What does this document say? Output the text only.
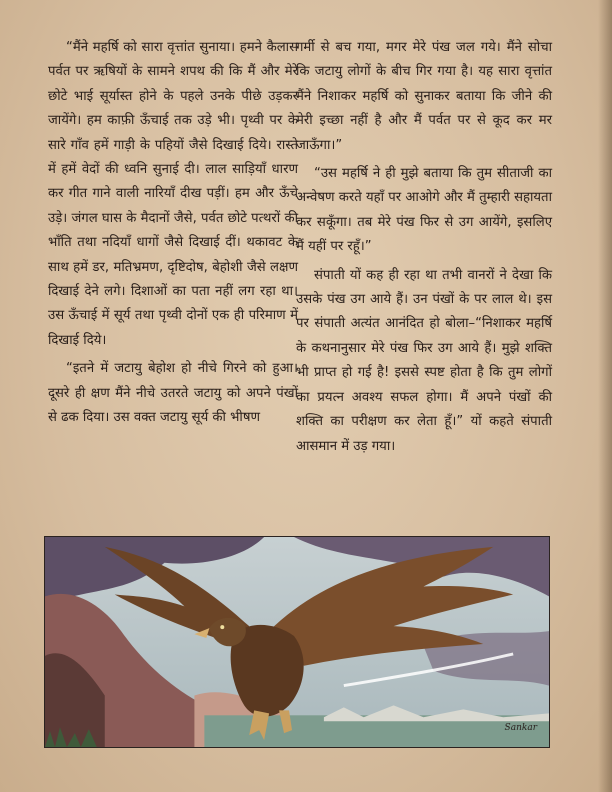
“मैंने महर्षि को सारा वृत्तांत सुनाया। हमने कैलास पर्वत पर ऋषियों के सामने शपथ की कि मैं और मेरे छोटे भाई सूर्यास्त होने के पहले उनके पीछे उड़कर जायेंगे। हम काफ़ी ऊँचाई तक उड़े भी। पृथ्वी पर के सारे गाँव हमें गाड़ी के पहियों जैसे दिखाई दिये। रास्ते में हमें वेदों की ध्वनि सुनाई दी। लाल साड़ियाँ धारण कर गीत गाने वाली नारियाँ दीख पड़ीं। हम और ऊँचे उड़े। जंगल घास के मैदानों जैसे, पर्वत छोटे पत्थरों की भाँति तथा नदियाँ धागों जैसे दिखाई दीं। थकावट के साथ हमें डर, मतिभ्रमण, दृष्टिदोष, बेहोशी जैसे लक्षण दिखाई देने लगे। दिशाओं का पता नहीं लग रहा था। उस ऊँचाई में सूर्य तथा पृथ्वी दोनों एक ही परिमाण में दिखाई दिये।

“इतने में जटायु बेहोश हो नीचे गिरने को हुआ। दूसरे ही क्षण मैंने नीचे उतरते जटायु को अपने पंखों से ढक दिया। उस वक्त जटायु सूर्य की भीषण

गर्मी से बच गया, मगर मेरे पंख जल गये। मैंने सोचा कि जटायु लोगों के बीच गिर गया है। यह सारा वृत्तांत मैंने निशाकर महर्षि को सुनाकर बताया कि जीने की मेरी इच्छा नहीं है और मैं पर्वत पर से कूद कर मर जाऊँगा।”

“उस महर्षि ने ही मुझे बताया कि तुम सीताजी का अन्वेषण करते यहाँ पर आओगे और मैं तुम्हारी सहायता कर सकूँगा। तब मेरे पंख फिर से उग आयेंगे, इसलिए मैं यहीं पर रहूँ।”

संपाती यों कह ही रहा था तभी वानरों ने देखा कि उसके पंख उग आये हैं। उन पंखों के पर लाल थे। इस पर संपाती अत्यंत आनंदित हो बोला–“निशाकर महर्षि के कथनानुसार मेरे पंख फिर उग आये हैं। मुझे शक्ति भी प्राप्त हो गई है! इससे स्पष्ट होता है कि तुम लोगों का प्रयत्न अवश्य सफल होगा। मैं अपने पंखों की शक्ति का परीक्षण कर लेता हूँ।” यों कहते संपाती आसमान में उड़ गया।

Sankar
